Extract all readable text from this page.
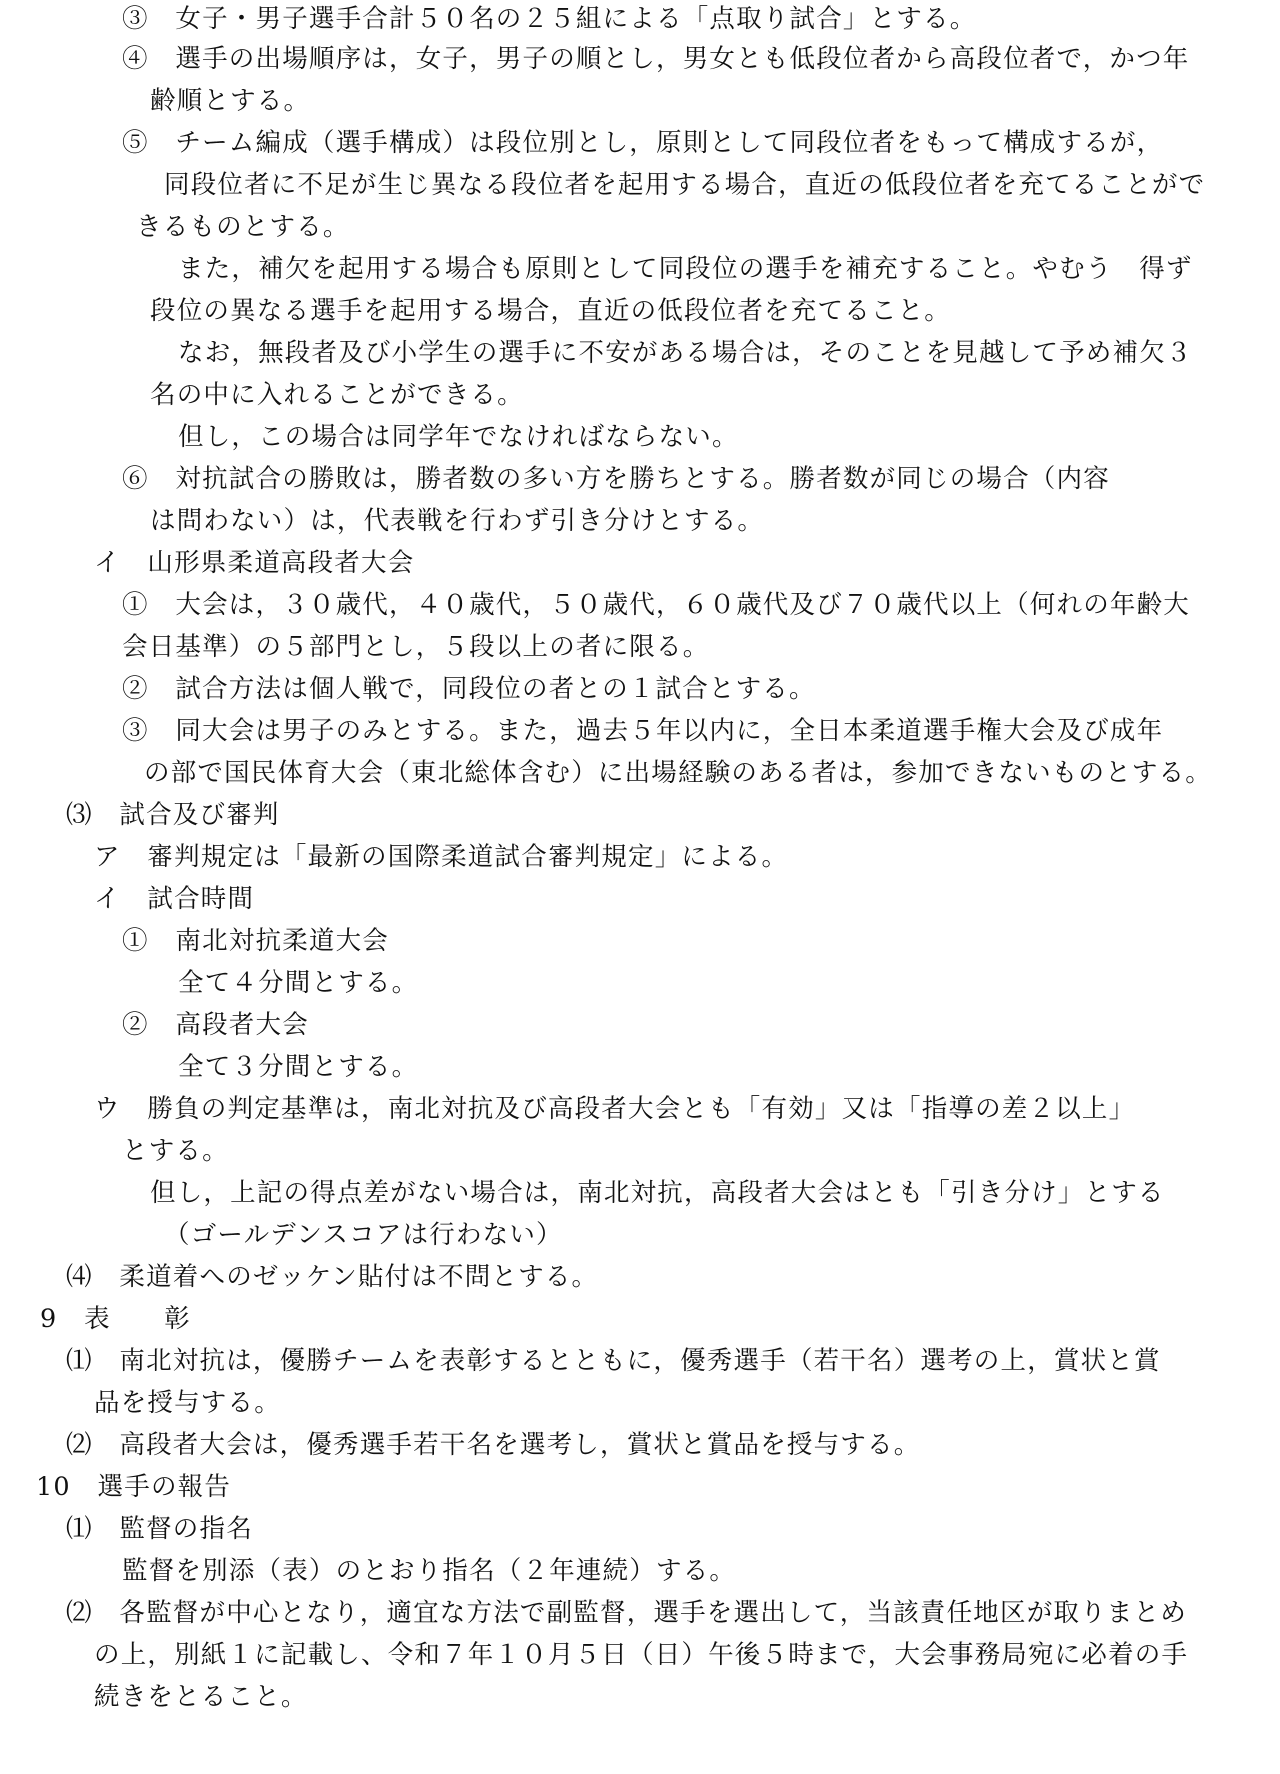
③　女子・男子選手合計５０名の２５組による「点取り試合」とする。
④　選手の出場順序は，女子，男子の順とし，男女とも低段位者から高段位者で，かつ年
齢順とする。
⑤　チーム編成（選手構成）は段位別とし，原則として同段位者をもって構成するが，
同段位者に不足が生じ異なる段位者を起用する場合，直近の低段位者を充てることがで
きるものとする。
また，補欠を起用する場合も原則として同段位の選手を補充すること。やむう　得ず
段位の異なる選手を起用する場合，直近の低段位者を充てること。
なお，無段者及び小学生の選手に不安がある場合は，そのことを見越して予め補欠３
名の中に入れることができる。
但し，この場合は同学年でなければならない。
⑥　対抗試合の勝敗は，勝者数の多い方を勝ちとする。勝者数が同じの場合（内容
は問わない）は，代表戦を行わず引き分けとする。
イ　山形県柔道高段者大会
①　大会は，３０歳代，４０歳代，５０歳代，６０歳代及び７０歳代以上（何れの年齢大
会日基準）の５部門とし，５段以上の者に限る。
②　試合方法は個人戦で，同段位の者との１試合とする。
③　同大会は男子のみとする。また，過去５年以内に，全日本柔道選手権大会及び成年
の部で国民体育大会（東北総体含む）に出場経験のある者は，参加できないものとする。
⑶　試合及び審判
ア　審判規定は「最新の国際柔道試合審判規定」による。
イ　試合時間
①　南北対抗柔道大会
全て４分間とする。
②　高段者大会
全て３分間とする。
ウ　勝負の判定基準は，南北対抗及び高段者大会とも「有効」又は「指導の差２以上」
とする。
但し，上記の得点差がない場合は，南北対抗，高段者大会はとも「引き分け」とする
（ゴールデンスコアは行わない）
⑷　柔道着へのゼッケン貼付は不問とする。
9　表　　彰
⑴　南北対抗は，優勝チームを表彰するとともに，優秀選手（若干名）選考の上，賞状と賞
品を授与する。
⑵　高段者大会は，優秀選手若干名を選考し，賞状と賞品を授与する。
10　選手の報告
⑴　監督の指名
監督を別添（表）のとおり指名（２年連続）する。
⑵　各監督が中心となり，適宜な方法で副監督，選手を選出して，当該責任地区が取りまとめ
の上，別紙１に記載し、令和７年１０月５日（日）午後５時まで，大会事務局宛に必着の手
続きをとること。
